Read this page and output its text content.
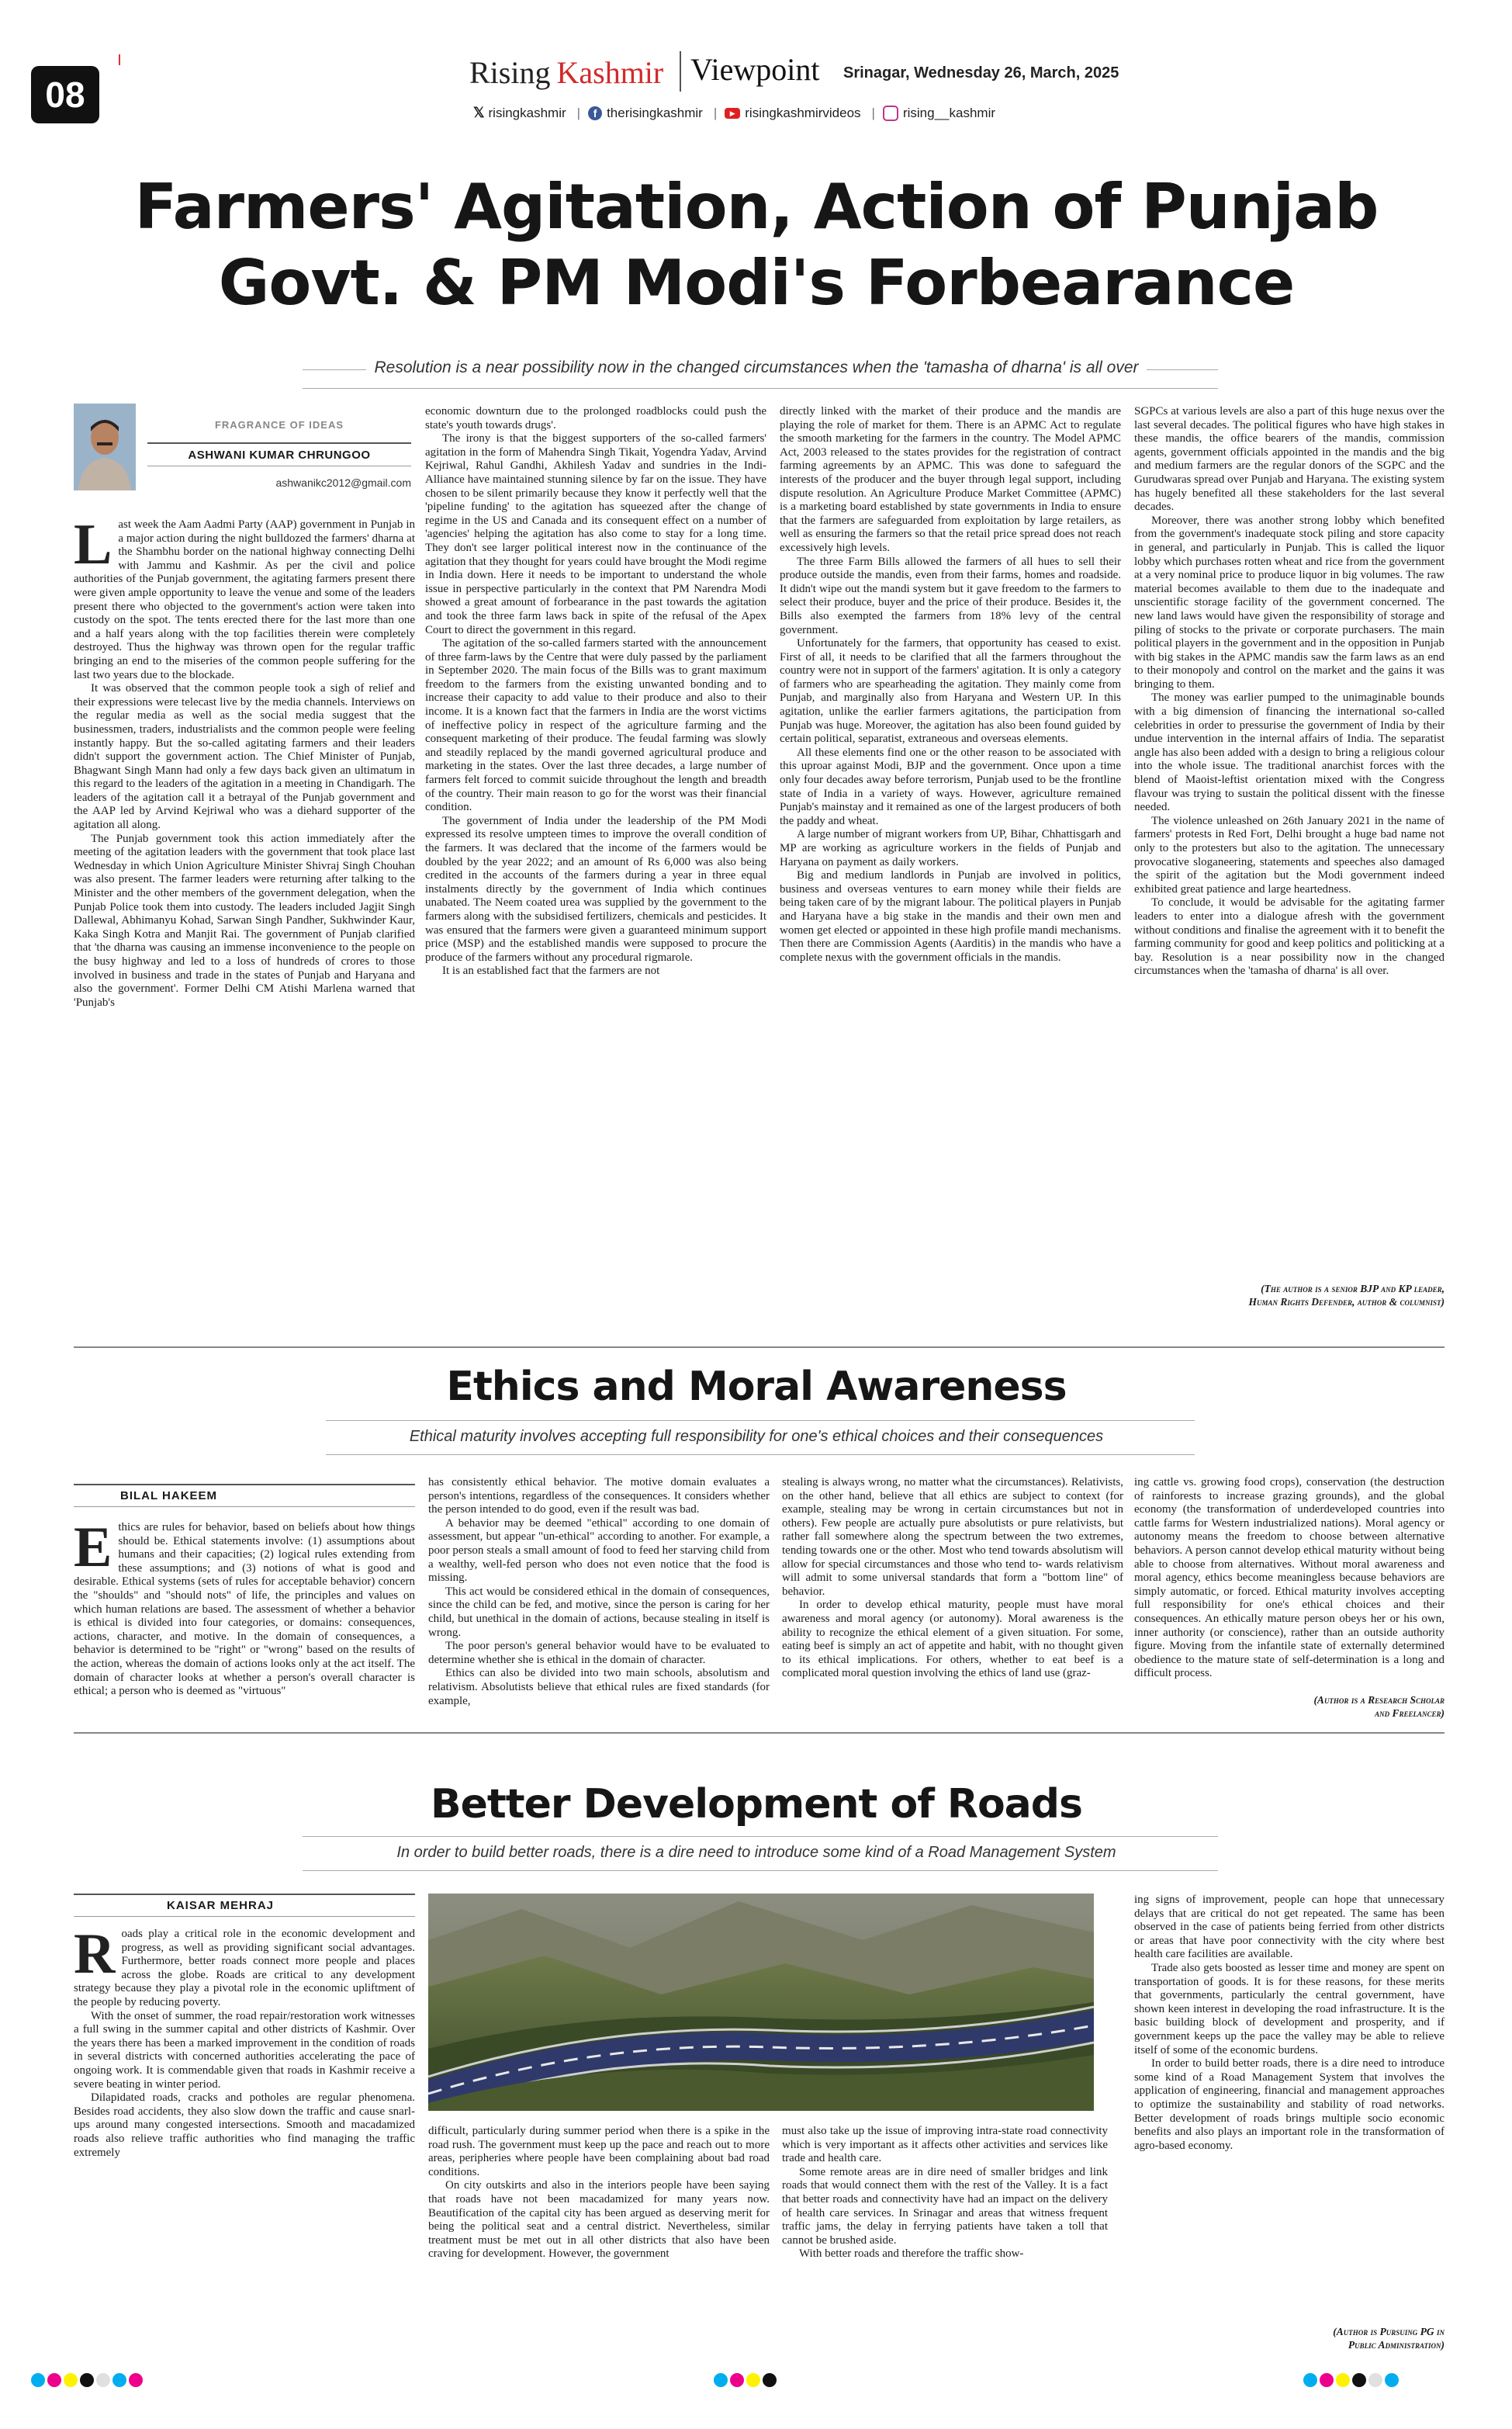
08
Rising Kashmir Viewpoint Srinagar, Wednesday 26, March, 2025
𝕏 risingkashmir |	f therisingkashmir |	▶ risingkashmirvideos | rising__kashmir
Farmers' Agitation, Action of Punjab
Govt. & PM Modi's Forbearance
Resolution is a near possibility now in the changed circumstances when the 'tamasha of dharna' is all over
FRAGRANCE OF IDEAS
ASHWANI KUMAR CHRUNGOO
ashwanikc2012@gmail.com
L ast week the Aam Aadmi Party (AAP) government in Punjab in a major action during the night bulldozed the farmers' dharna at the Shambhu border on the national highway connecting Delhi with Jammu and Kashmir. As per the civil and police authorities of the Punjab government, the agitating farmers present there were given ample opportunity to leave the venue and some of the leaders present there who objected to the government's action were taken into custody on the spot. The tents erected there for the last more than one and a half years along with the top facilities therein were completely destroyed. Thus the highway was thrown open for the regular traffic bringing an end to the miseries of the common people suffering for the last two years due to the blockade.

It was observed that the common people took a sigh of relief and their expressions were telecast live by the media channels. Interviews on the regular media as well as the social media suggest that the businessmen, traders, industrialists and the common people were feeling instantly happy. But the so-called agitating farmers and their leaders didn't support the government action. The Chief Minister of Punjab, Bhagwant Singh Mann had only a few days back given an ultimatum in this regard to the leaders of the agitation in a meeting in Chandigarh. The leaders of the agitation call it a betrayal of the Punjab government and the AAP led by Arvind Kejriwal who was a diehard supporter of the agitation all along.

The Punjab government took this action immediately after the meeting of the agitation leaders with the government that took place last Wednesday in which Union Agriculture Minister Shivraj Singh Chouhan was also present. The farmer leaders were returning after talking to the Minister and the other members of the government delegation, when the Punjab Police took them into custody. The leaders included Jagjit Singh Dallewal, Abhimanyu Kohad, Sarwan Singh Pandher, Sukhwinder Kaur, Kaka Singh Kotra and Manjit Rai. The government of Punjab clarified that 'the dharna was causing an immense inconvenience to the people on the busy highway and led to a loss of hundreds of crores to those involved in business and trade in the states of Punjab and Haryana and also the government'. Former Delhi CM Atishi Marlena warned that 'Punjab's

economic downturn due to the prolonged roadblocks could push the state's youth towards drugs'.

The irony is that the biggest supporters of the so-called farmers' agitation in the form of Mahendra Singh Tikait, Yogendra Yadav, Arvind Kejriwal, Rahul Gandhi, Akhilesh Yadav and sundries in the Indi-Alliance have maintained stunning silence by far on the issue. They have chosen to be silent primarily because they know it perfectly well that the 'pipeline funding' to the agitation has squeezed after the change of regime in the US and Canada and its consequent effect on a number of 'agencies' helping the agitation has also come to stay for a long time. They don't see larger political interest now in the continuance of the agitation that they thought for years could have brought the Modi regime in India down. Here it needs to be important to understand the whole issue in perspective particularly in the context that PM Narendra Modi showed a great amount of forbearance in the past towards the agitation and took the three farm laws back in spite of the refusal of the Apex Court to direct the government in this regard.

The agitation of the so-called farmers started with the announcement of three farm-laws by the Centre that were duly passed by the parliament in September 2020. The main focus of the Bills was to grant maximum freedom to the farmers from the existing unwanted bonding and to increase their capacity to add value to their produce and also to their income. It is a known fact that the farmers in India are the worst victims of ineffective policy in respect of the agriculture farming and the consequent marketing of their produce. The feudal farming was slowly and steadily replaced by the mandi governed agricultural produce and marketing in the states. Over the last three decades, a large number of farmers felt forced to commit suicide throughout the length and breadth of the country. Their main reason to go for the worst was their financial condition.

The government of India under the leadership of the PM Modi expressed its resolve umpteen times to improve the overall condition of the farmers. It was declared that the income of the farmers would be doubled by the year 2022; and an amount of Rs 6,000 was also being credited in the accounts of the farmers during a year in three equal instalments directly by the government of India which continues unabated. The Neem coated urea was supplied by the government to the farmers along with the subsidised fertilizers, chemicals and pesticides. It was ensured that the farmers were given a guaranteed minimum support price (MSP) and the established mandis were supposed to procure the produce of the farmers without any procedural rigmarole.

It is an established fact that the farmers are not

directly linked with the market of their produce and the mandis are playing the role of market for them. There is an APMC Act to regulate the smooth marketing for the farmers in the country. The Model APMC Act, 2003 released to the states provides for the registration of contract farming agreements by an APMC. This was done to safeguard the interests of the producer and the buyer through legal support, including dispute resolution. An Agriculture Produce Market Committee (APMC) is a marketing board established by state governments in India to ensure that the farmers are safeguarded from exploitation by large retailers, as well as ensuring the farmers so that the retail price spread does not reach excessively high levels.

The three Farm Bills allowed the farmers of all hues to sell their produce outside the mandis, even from their farms, homes and roadside. It didn't wipe out the mandi system but it gave freedom to the farmers to select their produce, buyer and the price of their produce. Besides it, the Bills also exempted the farmers from 18% levy of the central government.

Unfortunately for the farmers, that opportunity has ceased to exist. First of all, it needs to be clarified that all the farmers throughout the country were not in support of the farmers' agitation. It is only a category of farmers who are spearheading the agitation. They mainly come from Punjab, and marginally also from Haryana and Western UP. In this agitation, unlike the earlier farmers agitations, the participation from Punjab was huge. Moreover, the agitation has also been found guided by certain political, separatist, extraneous and overseas elements.

All these elements find one or the other reason to be associated with this uproar against Modi, BJP and the government. Once upon a time only four decades away before terrorism, Punjab used to be the frontline state of India in a variety of ways. However, agriculture remained Punjab's mainstay and it remained as one of the largest producers of both the paddy and wheat.

A large number of migrant workers from UP, Bihar, Chhattisgarh and MP are working as agriculture workers in the fields of Punjab and Haryana on payment as daily workers.

Big and medium landlords in Punjab are involved in politics, business and overseas ventures to earn money while their fields are being taken care of by the migrant labour. The political players in Punjab and Haryana have a big stake in the mandis and their own men and women get elected or appointed in these high profile mandi mechanisms. Then there are Commission Agents (Aarditis) in the mandis who have a complete nexus with the government officials in the mandis.

SGPCs at various levels are also a part of this huge nexus over the last several decades. The political figures who have high stakes in these mandis, the office bearers of the mandis, commission agents, government officials appointed in the mandis and the big and medium farmers are the regular donors of the SGPC and the Gurudwaras spread over Punjab and Haryana. The existing system has hugely benefited all these stakeholders for the last several decades.

Moreover, there was another strong lobby which benefited from the government's inadequate stock piling and store capacity in general, and particularly in Punjab. This is called the liquor lobby which purchases rotten wheat and rice from the government at a very nominal price to produce liquor in big volumes. The raw material becomes available to them due to the inadequate and unscientific storage facility of the government concerned. The new land laws would have given the responsibility of storage and piling of stocks to the private or corporate purchasers. The main political players in the government and in the opposition in Punjab with big stakes in the APMC mandis saw the farm laws as an end to their monopoly and control on the market and the gains it was bringing to them.

The money was earlier pumped to the unimaginable bounds with a big dimension of financing the international so-called celebrities in order to pressurise the government of India by their undue intervention in the internal affairs of India. The separatist angle has also been added with a design to bring a religious colour into the whole issue. The traditional anarchist forces with the blend of Maoist-leftist orientation mixed with the Congress flavour was trying to sustain the political dissent with the finesse needed.

The violence unleashed on 26th January 2021 in the name of farmers' protests in Red Fort, Delhi brought a huge bad name not only to the protesters but also to the agitation. The unnecessary provocative sloganeering, statements and speeches also damaged the spirit of the agitation but the Modi government indeed exhibited great patience and large heartedness.

To conclude, it would be advisable for the agitating farmer leaders to enter into a dialogue afresh with the government without conditions and finalise the agreement with it to benefit the farming community for good and keep politics and politicking at a bay. Resolution is a near possibility now in the changed circumstances when the 'tamasha of dharna' is all over.

(The author is a senior BJP and KP leader,
Human Rights Defender, author & columnist)
Ethics and Moral Awareness
Ethical maturity involves accepting full responsibility for one's ethical choices and their consequences
BILAL HAKEEM
E thics are rules for behavior, based on beliefs about how things should be. Ethical statements involve: (1) assumptions about humans and their capacities; (2) logical rules extending from these assumptions; and (3) notions of what is good and desirable. Ethical systems (sets of rules for acceptable behavior) concern the "shoulds" and "should nots" of life, the principles and values on which human relations are based. The assessment of whether a behavior is ethical is divided into four categories, or domains: consequences, actions, character, and motive. In the domain of consequences, a behavior is determined to be "right" or "wrong" based on the results of the action, whereas the domain of actions looks only at the act itself. The domain of character looks at whether a person's overall character is ethical; a person who is deemed as "virtuous"

has consistently ethical behavior. The motive domain evaluates a person's intentions, regardless of the consequences. It considers whether the person intended to do good, even if the result was bad.

A behavior may be deemed "ethical" according to one domain of assessment, but appear "un-ethical" according to another. For example, a poor person steals a small amount of food to feed her starving child from a wealthy, well-fed person who does not even notice that the food is missing.

This act would be considered ethical in the domain of consequences, since the child can be fed, and motive, since the person is caring for her child, but unethical in the domain of actions, because stealing in itself is wrong.

The poor person's general behavior would have to be evaluated to determine whether she is ethical in the domain of character.

Ethics can also be divided into two main schools, absolutism and relativism. Absolutists believe that ethical rules are fixed standards (for example,

stealing is always wrong, no matter what the circumstances). Relativists, on the other hand, believe that all ethics are subject to context (for example, stealing may be wrong in certain circumstances but not in others). Few people are actually pure absolutists or pure relativists, but rather fall somewhere along the spectrum between the two extremes, tending towards one or the other. Most who tend towards absolutism will allow for special circumstances and those who tend to- wards relativism will admit to some universal standards that form a "bottom line" of behavior.

In order to develop ethical maturity, people must have moral awareness and moral agency (or autonomy). Moral awareness is the ability to recognize the ethical element of a given situation. For some, eating beef is simply an act of appetite and habit, with no thought given to its ethical implications. For others, whether to eat beef is a complicated moral question involving the ethics of land use (graz-

ing cattle vs. growing food crops), conservation (the destruction of rainforests to increase grazing grounds), and the global economy (the transformation of underdeveloped countries into cattle farms for Western industrialized nations). Moral agency or autonomy means the freedom to choose between alternative behaviors. A person cannot develop ethical maturity without being able to choose from alternatives. Without moral awareness and moral agency, ethics become meaningless because behaviors are simply automatic, or forced. Ethical maturity involves accepting full responsibility for one's ethical choices and their consequences. An ethically mature person obeys her or his own, inner authority (or conscience), rather than an outside authority figure. Moving from the infantile state of externally determined obedience to the mature state of self-determination is a long and difficult process.

(Author is a Research Scholar
and Freelancer)
Better Development of Roads
In order to build better roads, there is a dire need to introduce some kind of a Road Management System
KAISAR MEHRAJ
R oads play a critical role in the economic development and progress, as well as providing significant social advantages. Furthermore, better roads connect more people and places across the globe. Roads are critical to any development strategy because they play a pivotal role in the economic upliftment of the people by reducing poverty.

With the onset of summer, the road repair/restoration work witnesses a full swing in the summer capital and other districts of Kashmir. Over the years there has been a marked improvement in the condition of roads in several districts with concerned authorities accelerating the pace of ongoing work. It is commendable given that roads in Kashmir receive a severe beating in winter period.

Dilapidated roads, cracks and potholes are regular phenomena. Besides road accidents, they also slow down the traffic and cause snarl-ups around many congested intersections. Smooth and macadamized roads also relieve traffic authorities who find managing the traffic extremely

difficult, particularly during summer period when there is a spike in the road rush. The government must keep up the pace and reach out to more areas, peripheries where people have been complaining about bad road conditions.

On city outskirts and also in the interiors people have been saying that roads have not been macadamized for many years now. Beautification of the capital city has been argued as deserving merit for being the political seat and a central district. Nevertheless, similar treatment must be met out in all other districts that also have been craving for development. However, the government

must also take up the issue of improving intra-state road connectivity which is very important as it affects other activities and services like trade and health care.

Some remote areas are in dire need of smaller bridges and link roads that would connect them with the rest of the Valley. It is a fact that better roads and connectivity have had an impact on the delivery of health care services. In Srinagar and areas that witness frequent traffic jams, the delay in ferrying patients have taken a toll that cannot be brushed aside.

With better roads and therefore the traffic show-

ing signs of improvement, people can hope that unnecessary delays that are critical do not get repeated. The same has been observed in the case of patients being ferried from other districts or areas that have poor connectivity with the city where best health care facilities are available.

Trade also gets boosted as lesser time and money are spent on transportation of goods. It is for these reasons, for these merits that governments, particularly the central government, have shown keen interest in developing the road infrastructure. It is the basic building block of development and prosperity, and if government keeps up the pace the valley may be able to relieve itself of some of the economic burdens.

In order to build better roads, there is a dire need to introduce some kind of a Road Management System that involves the application of engineering, financial and management approaches to optimize the sustainability and stability of road networks. Better development of roads brings multiple socio economic benefits and also plays an important role in the transformation of agro-based economy.

(Author is Pursuing PG in
Public Administration)
